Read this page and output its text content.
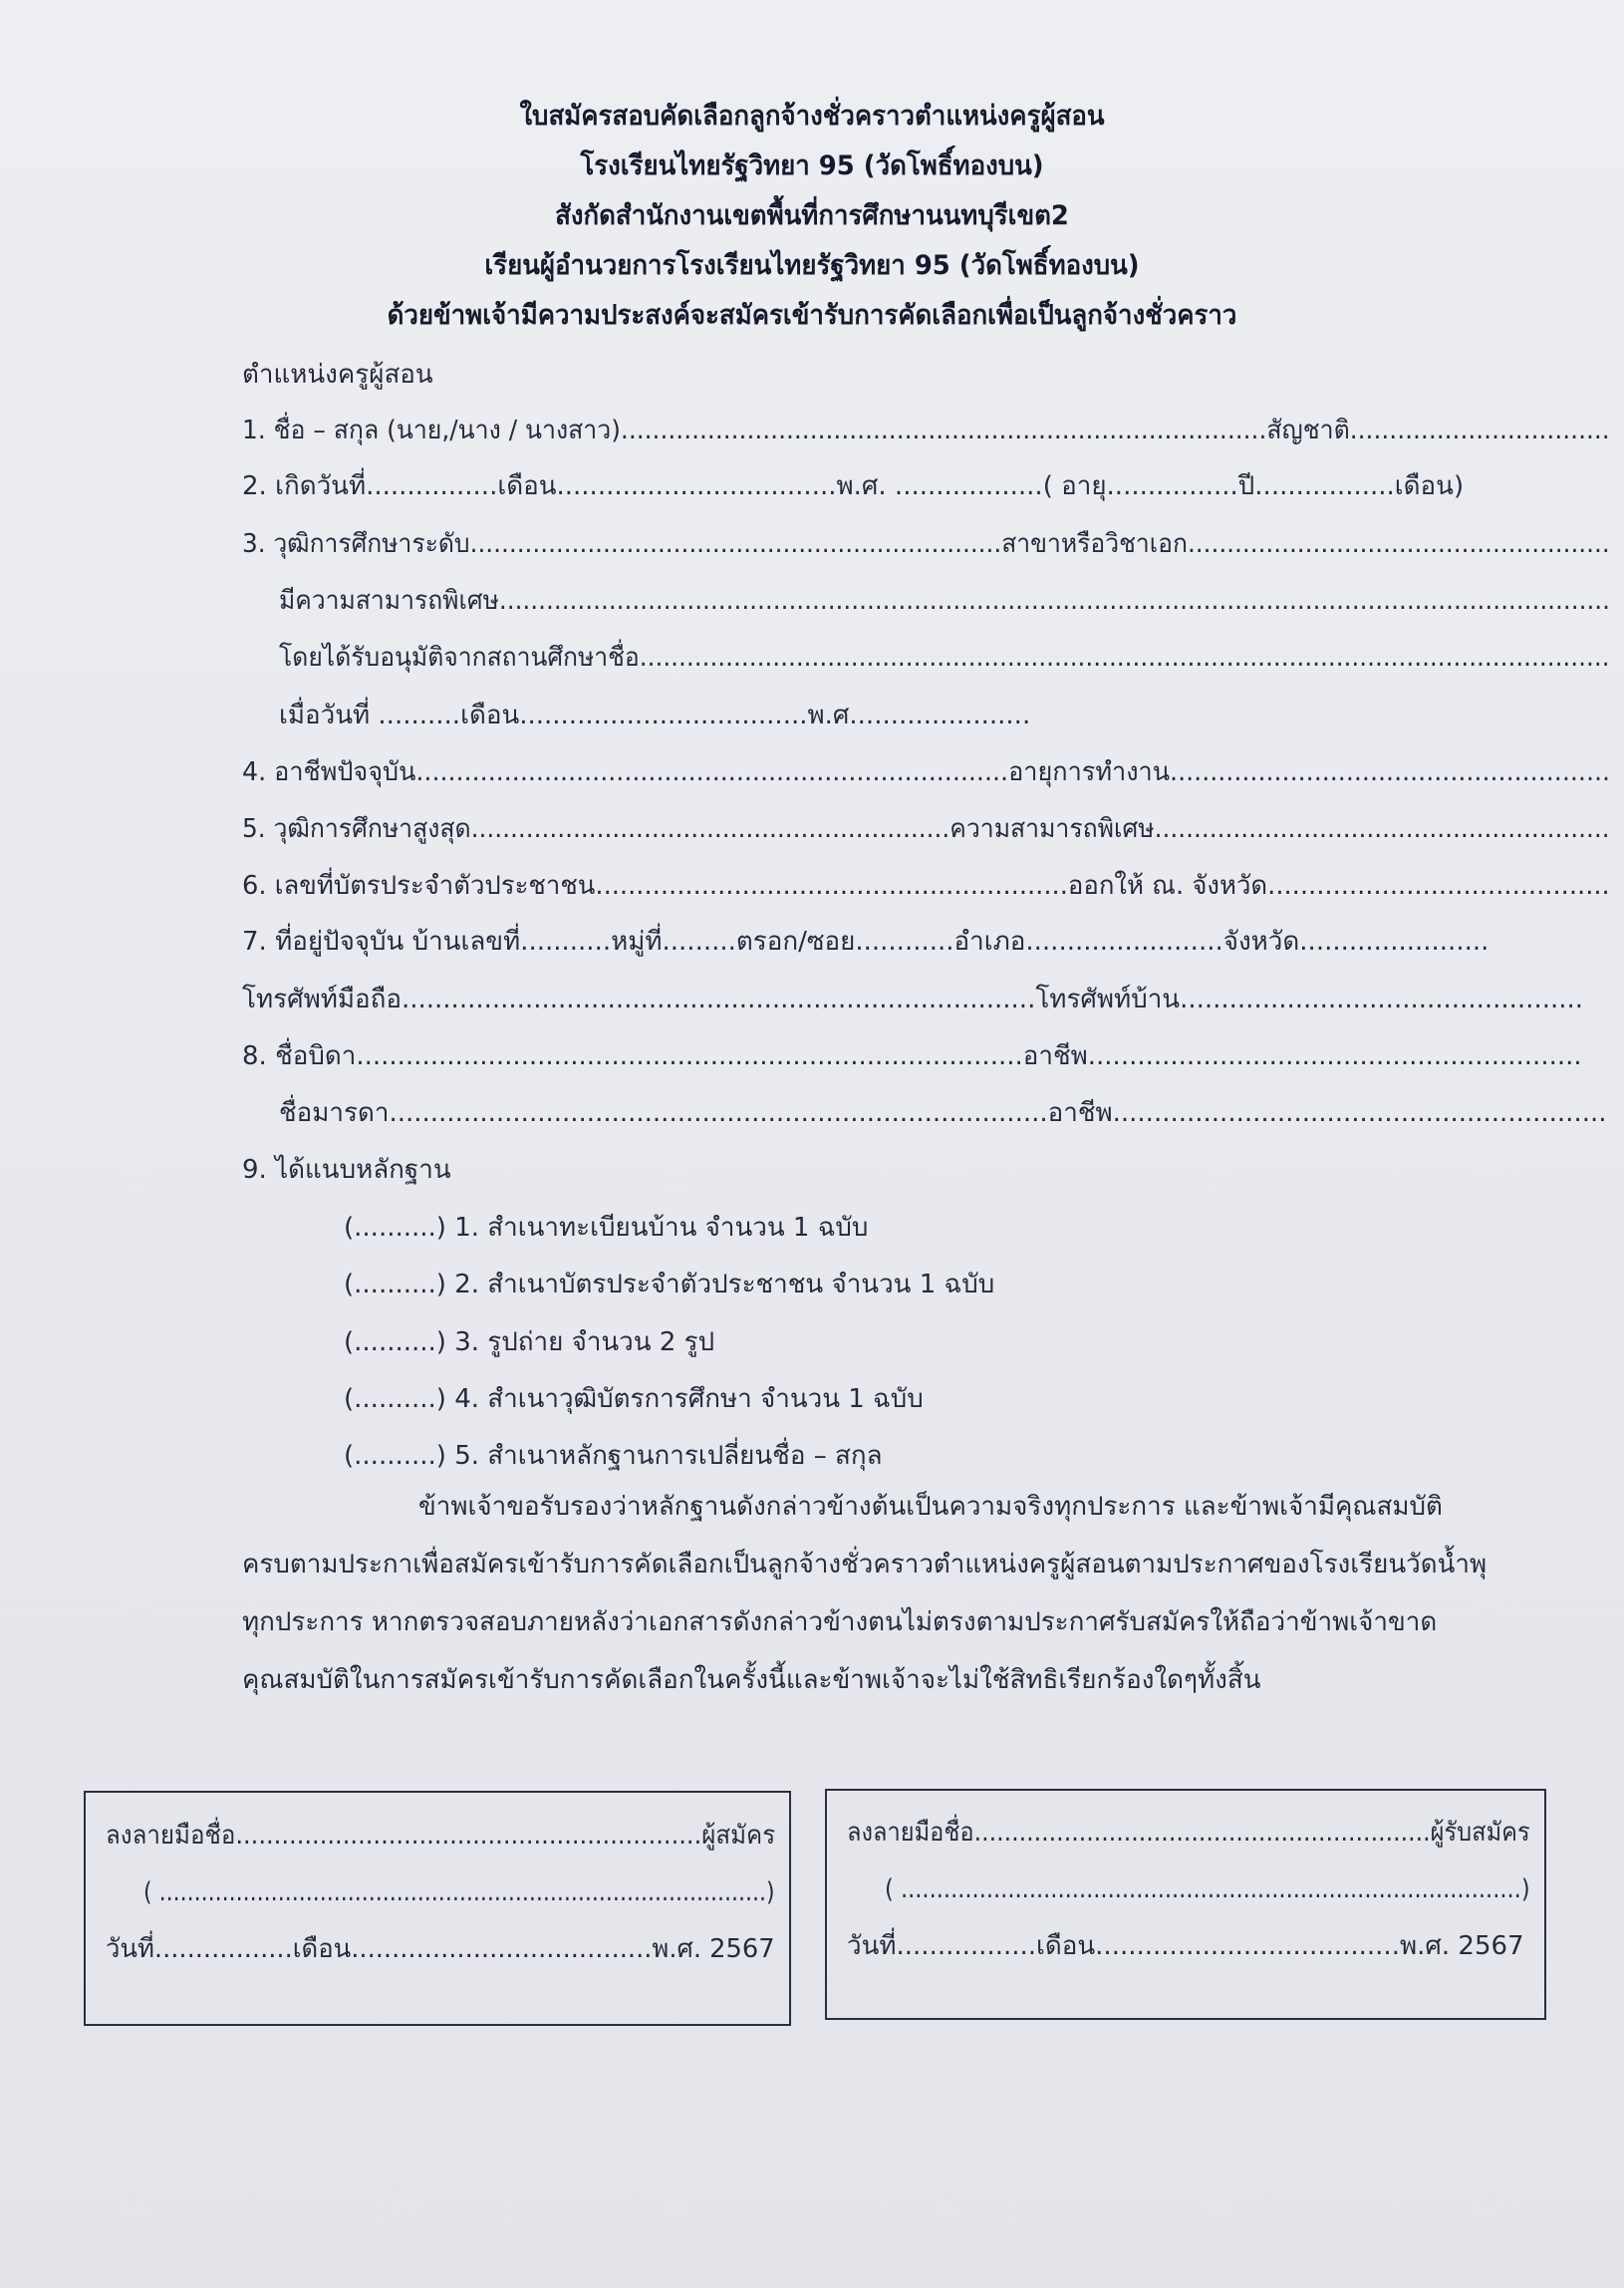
ใบสมัครสอบคัดเลือกลูกจ้างชั่วคราวตำแหน่งครูผู้สอน
โรงเรียนไทยรัฐวิทยา 95 (วัดโพธิ์ทองบน)
สังกัดสำนักงานเขตพื้นที่การศึกษานนทบุรีเขต2
เรียนผู้อำนวยการโรงเรียนไทยรัฐวิทยา 95 (วัดโพธิ์ทองบน)
ด้วยข้าพเจ้ามีความประสงค์จะสมัครเข้ารับการคัดเลือกเพื่อเป็นลูกจ้างชั่วคราว
ตำแหน่งครูผู้สอน
1. ชื่อ – สกุล (นาย,/นาง / นางสาว)..................................................................................สัญชาติ.................................
2. เกิดวันที่................เดือน..................................พ.ศ. ..................( อายุ................ปี.................เดือน)
3. วุฒิการศึกษาระดับ....................................................................สาขาหรือวิชาเอก......................................................
มีความสามารถพิเศษ..............................................................................................................................................
โดยได้รับอนุมัติจากสถานศึกษาชื่อ............................................................................................................................
เมื่อวันที่ ..........เดือน...................................พ.ศ......................
4. อาชีพปัจจุบัน..........................................................................อายุการทำงาน.......................................................
5. วุฒิการศึกษาสูงสุด.............................................................ความสามารถพิเศษ..........................................................
6. เลขที่บัตรประจำตัวประชาชน..........................................................ออกให้ ณ. จังหวัด..........................................
7. ที่อยู่ปัจจุบัน บ้านเลขที่...........หมู่ที่.........ตรอก/ซอย............อำเภอ........................จังหวัด.......................
โทรศัพท์มือถือ.............................................................................โทรศัพท์บ้าน.................................................
8. ชื่อบิดา.................................................................................อาชีพ............................................................
ชื่อมารดา................................................................................อาชีพ............................................................
9. ได้แนบหลักฐาน
(..........) 1. สำเนาทะเบียนบ้าน จำนวน 1 ฉบับ
(..........) 2. สำเนาบัตรประจำตัวประชาชน จำนวน 1 ฉบับ
(..........) 3. รูปถ่าย จำนวน 2 รูป
(..........) 4. สำเนาวุฒิบัตรการศึกษา จำนวน 1 ฉบับ
(..........) 5. สำเนาหลักฐานการเปลี่ยนชื่อ – สกุล
ข้าพเจ้าขอรับรองว่าหลักฐานดังกล่าวข้างต้นเป็นความจริงทุกประการ และข้าพเจ้ามีคุณสมบัติ
ครบตามประกาเพื่อสมัครเข้ารับการคัดเลือกเป็นลูกจ้างชั่วคราวตำแหน่งครูผู้สอนตามประกาศของโรงเรียนวัดน้ำพุ
ทุกประการ หากตรวจสอบภายหลังว่าเอกสารดังกล่าวข้างตนไม่ตรงตามประกาศรับสมัครให้ถือว่าข้าพเจ้าขาด
คุณสมบัติในการสมัครเข้ารับการคัดเลือกในครั้งนี้และข้าพเจ้าจะไม่ใช้สิทธิเรียกร้องใดๆทั้งสิ้น
ลงลายมือชื่อ.............................................................ผู้สมัคร
( .......................................................................................)
วันที่.................เดือน.....................................พ.ศ. 2567
ลงลายมือชื่อ.............................................................ผู้รับสมัคร
( .......................................................................................)
วันที่.................เดือน.....................................พ.ศ. 2567
